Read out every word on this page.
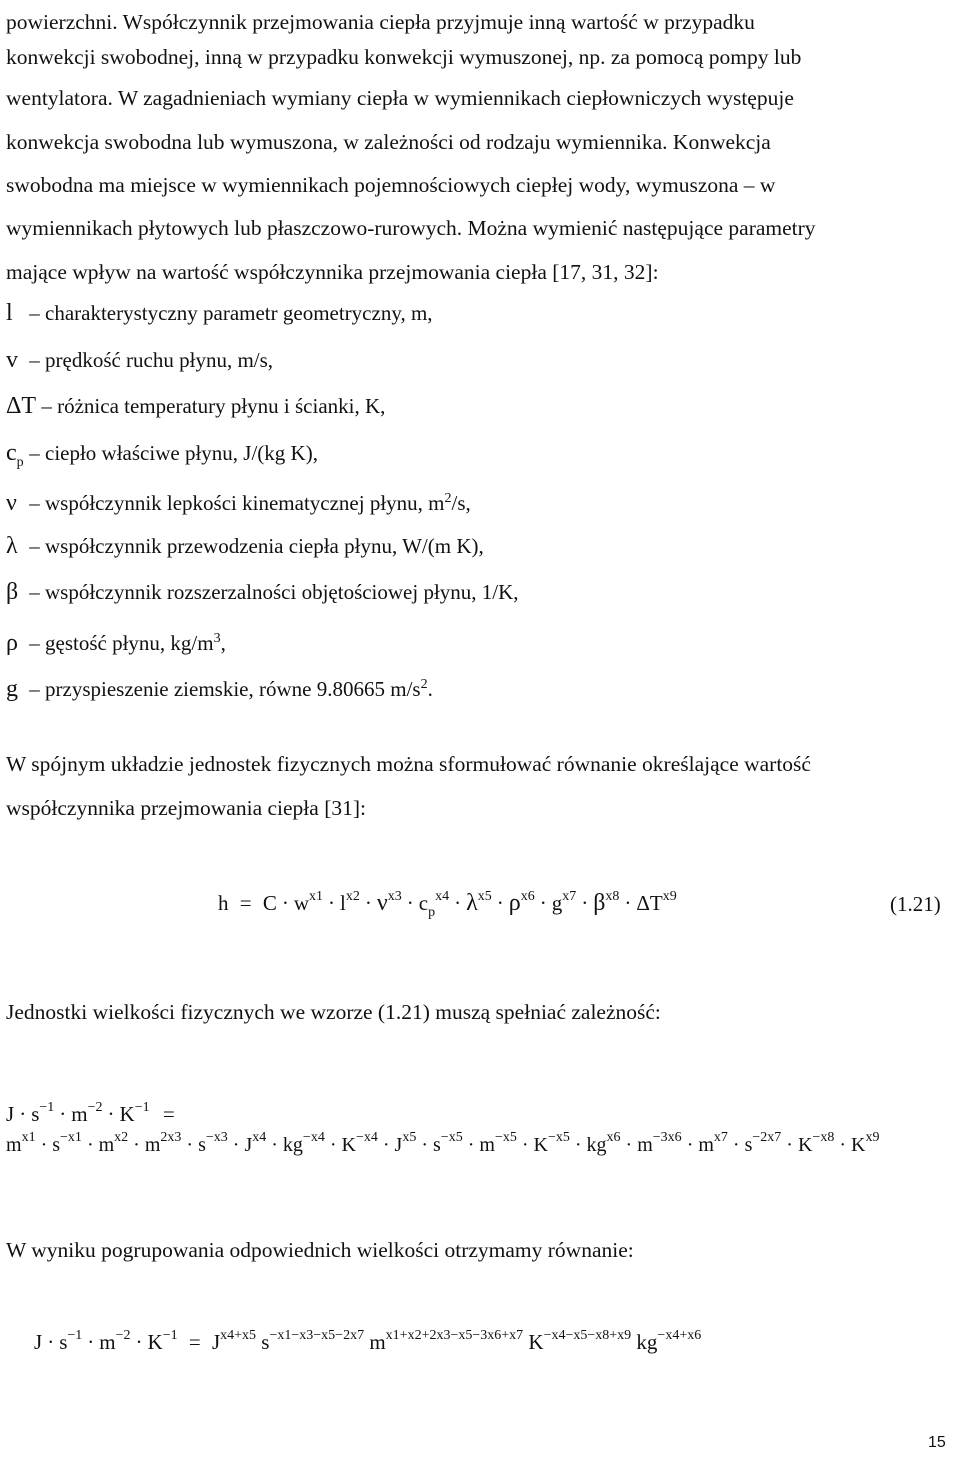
powierzchni. Współczynnik przejmowania ciepła przyjmuje inną wartość w przypadku

konwekcji swobodnej, inną w przypadku konwekcji wymuszonej, np. za pomocą pompy lub

wentylatora. W zagadnieniach wymiany ciepła w wymiennikach ciepłowniczych występuje

konwekcja swobodna lub wymuszona, w zależności od rodzaju wymiennika. Konwekcja

swobodna ma miejsce w wymiennikach pojemnościowych ciepłej wody, wymuszona – w

wymiennikach płytowych lub płaszczowo-rurowych. Można wymienić następujące parametry

mające wpływ na wartość współczynnika przejmowania ciepła [17, 31, 32]:

l – charakterystyczny parametr geometryczny, m,
v – prędkość ruchu płynu, m/s,
ΔT – różnica temperatury płynu i ścianki, K,
$c_p$ – ciepło właściwe płynu, J/(kg K),
ν – współczynnik lepkości kinematycznej płynu, $m^2/s$,
λ – współczynnik przewodzenia ciepła płynu, W/(m K),
β – współczynnik rozszerzalności objętościowej płynu, 1/K,
ρ – gęstość płynu, $kg/m^3$,
g – przyspieszenie ziemskie, równe 9.80665 $m/s^2$.

W spójnym układzie jednostek fizycznych można sformułować równanie określające wartość

współczynnika przejmowania ciepła [31]:

$h = C \cdot w^{x1} \cdot l^{x2} \cdot \nu^{x3} \cdot c_p^{x4} \cdot \lambda^{x5} \cdot \rho^{x6} \cdot g^{x7} \cdot \beta^{x8} \cdot \Delta T^{x9}$	(1.21)

Jednostki wielkości fizycznych we wzorze (1.21) muszą spełniać zależność:

$J \cdot s^{-1} \cdot m^{-2} \cdot K^{-1}$ =
$m^{x1} \cdot s^{-x1} \cdot m^{x2} \cdot m^{2x3} \cdot s^{-x3} \cdot J^{x4} \cdot kg^{-x4} \cdot K^{-x4} \cdot J^{x5} \cdot s^{-x5} \cdot m^{-x5} \cdot K^{-x5} \cdot kg^{x6} \cdot m^{-3x6} \cdot m^{x7} \cdot s^{-2x7} \cdot K^{-x8} \cdot K^{x9}$

W wyniku pogrupowania odpowiednich wielkości otrzymamy równanie:

$J \cdot s^{-1} \cdot m^{-2} \cdot K^{-1} = J^{x4+x5}$ $s^{-x1-x3-x5-2x7}$ $m^{x1+x2+2x3-x5-3x6+x7}$ $K^{-x4-x5-x8+x9}$ $kg^{-x4+x6}$
15
